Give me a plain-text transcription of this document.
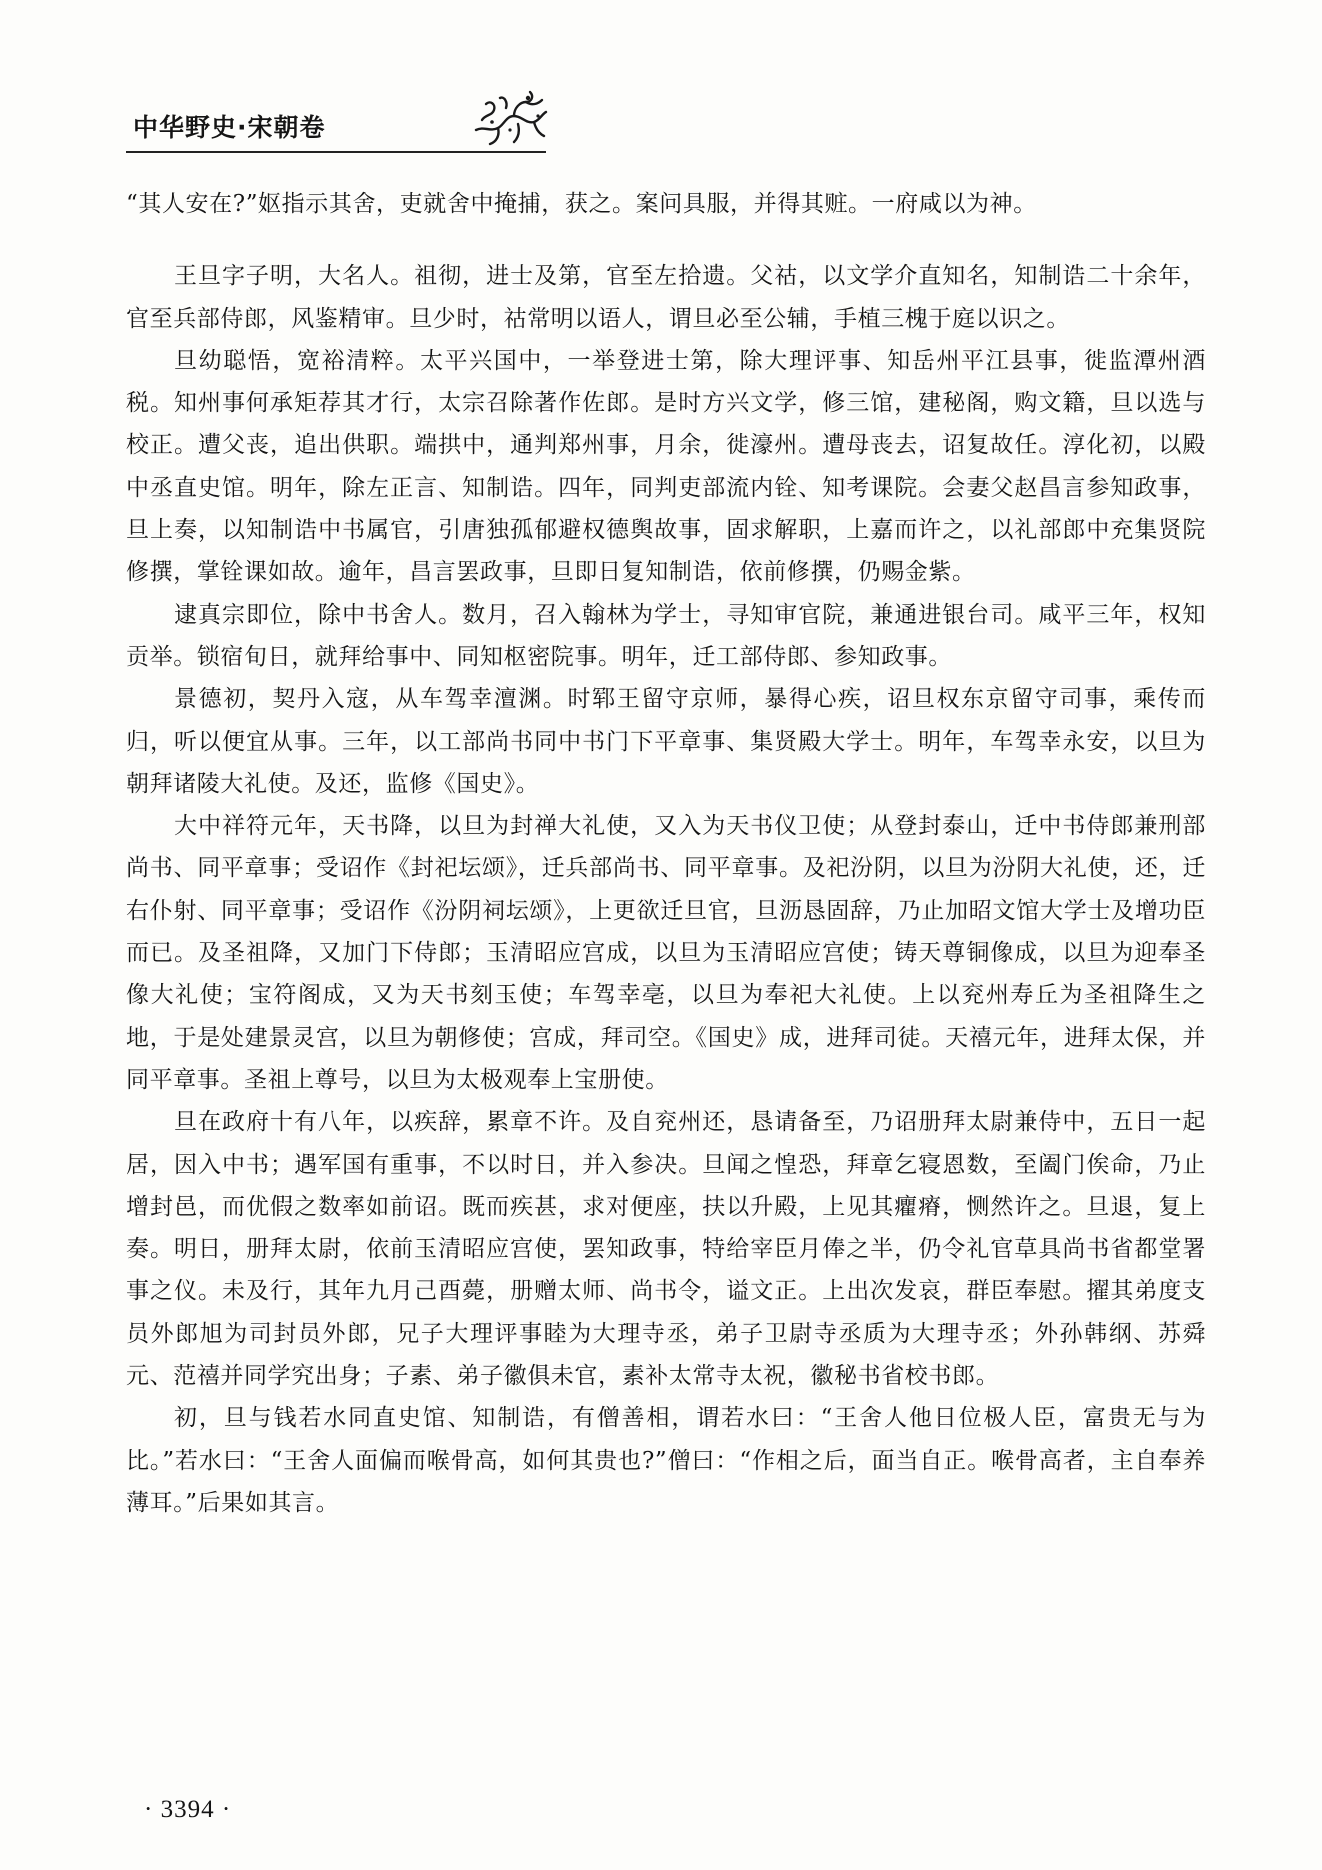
中华野史·宋朝卷

“其人安在?”妪指示其舍，吏就舍中掩捕，获之。案问具服，并得其赃。一府咸以为神。

王旦字子明，大名人。祖彻，进士及第，官至左拾遗。父祜，以文学介直知名，知制诰二十余年，官至兵部侍郎，风鉴精审。旦少时，祜常明以语人，谓旦必至公辅，手植三槐于庭以识之。

旦幼聪悟，宽裕清粹。太平兴国中，一举登进士第，除大理评事、知岳州平江县事，徙监潭州酒税。知州事何承矩荐其才行，太宗召除著作佐郎。是时方兴文学，修三馆，建秘阁，购文籍，旦以选与校正。遭父丧，追出供职。端拱中，通判郑州事，月余，徙濠州。遭母丧去，诏复故任。淳化初，以殿中丞直史馆。明年，除左正言、知制诰。四年，同判吏部流内铨、知考课院。会妻父赵昌言参知政事，旦上奏，以知制诰中书属官，引唐独孤郁避权德舆故事，固求解职，上嘉而许之，以礼部郎中充集贤院修撰，掌铨课如故。逾年，昌言罢政事，旦即日复知制诰，依前修撰，仍赐金紫。

逮真宗即位，除中书舍人。数月，召入翰林为学士，寻知审官院，兼通进银台司。咸平三年，权知贡举。锁宿旬日，就拜给事中、同知枢密院事。明年，迁工部侍郎、参知政事。

景德初，契丹入寇，从车驾幸澶渊。时郓王留守京师，暴得心疾，诏旦权东京留守司事，乘传而归，听以便宜从事。三年，以工部尚书同中书门下平章事、集贤殿大学士。明年，车驾幸永安，以旦为朝拜诸陵大礼使。及还，监修《国史》。

大中祥符元年，天书降，以旦为封禅大礼使，又入为天书仪卫使；从登封泰山，迁中书侍郎兼刑部尚书、同平章事；受诏作《封祀坛颂》，迁兵部尚书、同平章事。及祀汾阴，以旦为汾阴大礼使，还，迁右仆射、同平章事；受诏作《汾阴祠坛颂》，上更欲迁旦官，旦沥恳固辞，乃止加昭文馆大学士及增功臣而已。及圣祖降，又加门下侍郎；玉清昭应宫成，以旦为玉清昭应宫使；铸天尊铜像成，以旦为迎奉圣像大礼使；宝符阁成，又为天书刻玉使；车驾幸亳，以旦为奉祀大礼使。上以兖州寿丘为圣祖降生之地，于是处建景灵宫，以旦为朝修使；宫成，拜司空。《国史》成，进拜司徒。天禧元年，进拜太保，并同平章事。圣祖上尊号，以旦为太极观奉上宝册使。

旦在政府十有八年，以疾辞，累章不许。及自兖州还，恳请备至，乃诏册拜太尉兼侍中，五日一起居，因入中书；遇军国有重事，不以时日，并入参决。旦闻之惶恐，拜章乞寝恩数，至阖门俟命，乃止增封邑，而优假之数率如前诏。既而疾甚，求对便座，扶以升殿，上见其癯瘠，恻然许之。旦退，复上奏。明日，册拜太尉，依前玉清昭应宫使，罢知政事，特给宰臣月俸之半，仍令礼官草具尚书省都堂署事之仪。未及行，其年九月己酉薨，册赠太师、尚书令，谥文正。上出次发哀，群臣奉慰。擢其弟度支员外郎旭为司封员外郎，兄子大理评事睦为大理寺丞，弟子卫尉寺丞质为大理寺丞；外孙韩纲、苏舜元、范禧并同学究出身；子素、弟子徽俱未官，素补太常寺太祝，徽秘书省校书郎。

初，旦与钱若水同直史馆、知制诰，有僧善相，谓若水曰：“王舍人他日位极人臣，富贵无与为比。”若水曰：“王舍人面偏而喉骨高，如何其贵也?”僧曰：“作相之后，面当自正。喉骨高者，主自奉养薄耳。”后果如其言。

· 3394 ·
